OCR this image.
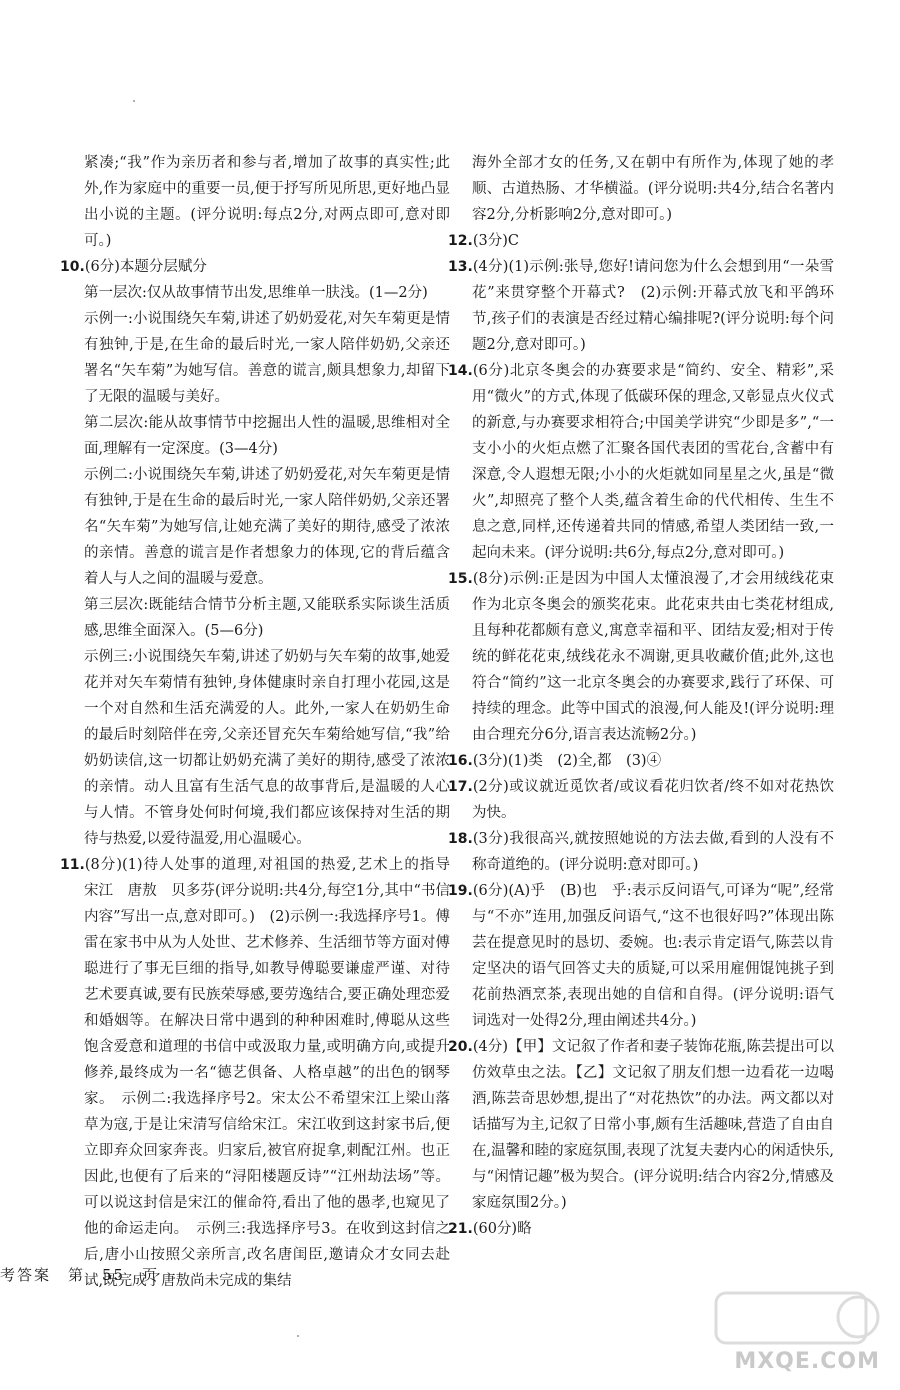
紧凑;“我”作为亲历者和参与者,增加了故事的真实性;此外,作为家庭中的重要一员,便于抒写所见所思,更好地凸显出小说的主题。(评分说明:每点2分,对两点即可,意对即可。)
10.(6分)本题分层赋分
第一层次:仅从故事情节出发,思维单一肤浅。(1—2分)
示例一:小说围绕矢车菊,讲述了奶奶爱花,对矢车菊更是情有独钟,于是,在生命的最后时光,一家人陪伴奶奶,父亲还署名“矢车菊”为她写信。善意的谎言,颇具想象力,却留下了无限的温暖与美好。
第二层次:能从故事情节中挖掘出人性的温暖,思维相对全面,理解有一定深度。(3—4分)
示例二:小说围绕矢车菊,讲述了奶奶爱花,对矢车菊更是情有独钟,于是在生命的最后时光,一家人陪伴奶奶,父亲还署名“矢车菊”为她写信,让她充满了美好的期待,感受了浓浓的亲情。善意的谎言是作者想象力的体现,它的背后蕴含着人与人之间的温暖与爱意。
第三层次:既能结合情节分析主题,又能联系实际谈生活质感,思维全面深入。(5—6分)
示例三:小说围绕矢车菊,讲述了奶奶与矢车菊的故事,她爱花并对矢车菊情有独钟,身体健康时亲自打理小花园,这是一个对自然和生活充满爱的人。此外,一家人在奶奶生命的最后时刻陪伴在旁,父亲还冒充矢车菊给她写信,“我”给奶奶读信,这一切都让奶奶充满了美好的期待,感受了浓浓的亲情。动人且富有生活气息的故事背后,是温暖的人心与人情。不管身处何时何境,我们都应该保持对生活的期待与热爱,以爱待温爱,用心温暖心。
11.(8分)(1)待人处事的道理,对祖国的热爱,艺术上的指导　宋江　唐敖　贝多芬(评分说明:共4分,每空1分,其中“书信内容”写出一点,意对即可。)　(2)示例一:我选择序号1。傅雷在家书中从为人处世、艺术修养、生活细节等方面对傅聪进行了事无巨细的指导,如教导傅聪要谦虚严谨、对待艺术要真诚,要有民族荣辱感,要劳逸结合,要正确处理恋爱和婚姻等。在解决日常中遇到的种种困难时,傅聪从这些饱含爱意和道理的书信中或汲取力量,或明确方向,或提升修养,最终成为一名“德艺俱备、人格卓越”的出色的钢琴家。　示例二:我选择序号2。宋太公不希望宋江上梁山落草为寇,于是让宋清写信给宋江。宋江收到这封家书后,便立即弃众回家奔丧。归家后,被官府捉拿,刺配江州。也正因此,也便有了后来的“浔阳楼题反诗”“江州劫法场”等。可以说这封信是宋江的催命符,看出了他的愚孝,也窥见了他的命运走向。　示例三:我选择序号3。在收到这封信之后,唐小山按照父亲所言,改名唐闺臣,邀请众才女同去赴试,既完成了唐敖尚未完成的集结
海外全部才女的任务,又在朝中有所作为,体现了她的孝顺、古道热肠、才华横溢。(评分说明:共4分,结合名著内容2分,分析影响2分,意对即可。)
12.(3分)C
13.(4分)(1)示例:张导,您好!请问您为什么会想到用“一朵雪花”来贯穿整个开幕式?　(2)示例:开幕式放飞和平鸽环节,孩子们的表演是否经过精心编排呢?(评分说明:每个问题2分,意对即可。)
14.(6分)北京冬奥会的办赛要求是“简约、安全、精彩”,采用“微火”的方式,体现了低碳环保的理念,又彰显点火仪式的新意,与办赛要求相符合;中国美学讲究“少即是多”,“一支小小的火炬点燃了汇聚各国代表团的雪花台,含蓄中有深意,令人遐想无限;小小的火炬就如同星星之火,虽是“微火”,却照亮了整个人类,蕴含着生命的代代相传、生生不息之意,同样,还传递着共同的情感,希望人类团结一致,一起向未来。(评分说明:共6分,每点2分,意对即可。)
15.(8分)示例:正是因为中国人太懂浪漫了,才会用绒线花束作为北京冬奥会的颁奖花束。此花束共由七类花材组成,且每种花都颇有意义,寓意幸福和平、团结友爱;相对于传统的鲜花花束,绒线花永不凋谢,更具收藏价值;此外,这也符合“简约”这一北京冬奥会的办赛要求,践行了环保、可持续的理念。此等中国式的浪漫,何人能及!(评分说明:理由合理充分6分,语言表达流畅2分。)
16.(3分)(1)类　(2)全,都　(3)④
17.(2分)或议就近觅饮者/或议看花归饮者/终不如对花热饮为快。
18.(3分)我很高兴,就按照她说的方法去做,看到的人没有不称奇道绝的。(评分说明:意对即可。)
19.(6分)(A)乎　(B)也　乎:表示反问语气,可译为“呢”,经常与“不亦”连用,加强反问语气,“这不也很好吗?”体现出陈芸在提意见时的恳切、委婉。也:表示肯定语气,陈芸以肯定坚决的语气回答丈夫的质疑,可以采用雇佣馄饨挑子到花前热酒烹茶,表现出她的自信和自得。(评分说明:语气词选对一处得2分,理由阐述共4分。)
20.(4分)【甲】文记叙了作者和妻子装饰花瓶,陈芸提出可以仿效草虫之法。【乙】文记叙了朋友们想一边看花一边喝酒,陈芸奇思妙想,提出了“对花热饮”的办法。两文都以对话描写为主,记叙了日常小事,颇有生活趣味,营造了自由自在,温馨和睦的家庭氛围,表现了沈复夫妻内心的闲适快乐,与“闲情记趣”极为契合。(评分说明:结合内容2分,情感及家庭氛围2分。)
21.(60分)略
考答案　第　55　页
MXQE.COM
